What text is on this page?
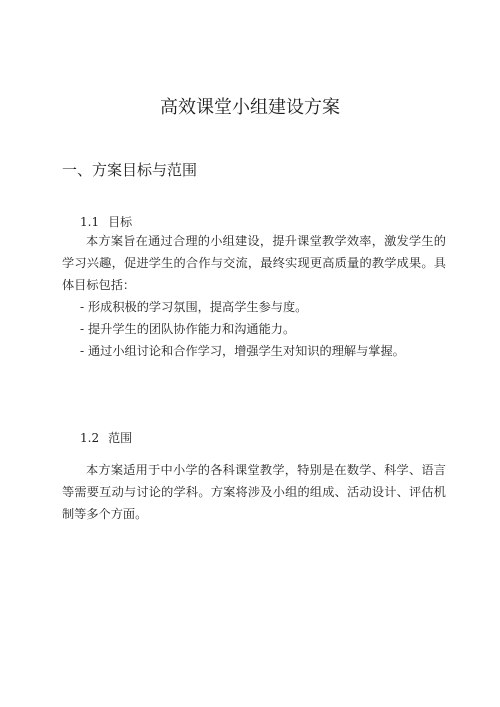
高效课堂小组建设方案
一、方案目标与范围
1.1 目标

本方案旨在通过合理的小组建设，提升课堂教学效率，激发学生的学习兴趣，促进学生的合作与交流，最终实现更高质量的教学成果。具体目标包括：

- 形成积极的学习氛围，提高学生参与度。
- 提升学生的团队协作能力和沟通能力。
- 通过小组讨论和合作学习，增强学生对知识的理解与掌握。
1.2 范围

本方案适用于中小学的各科课堂教学，特别是在数学、科学、语言等需要互动与讨论的学科。方案将涉及小组的组成、活动设计、评估机制等多个方面。
